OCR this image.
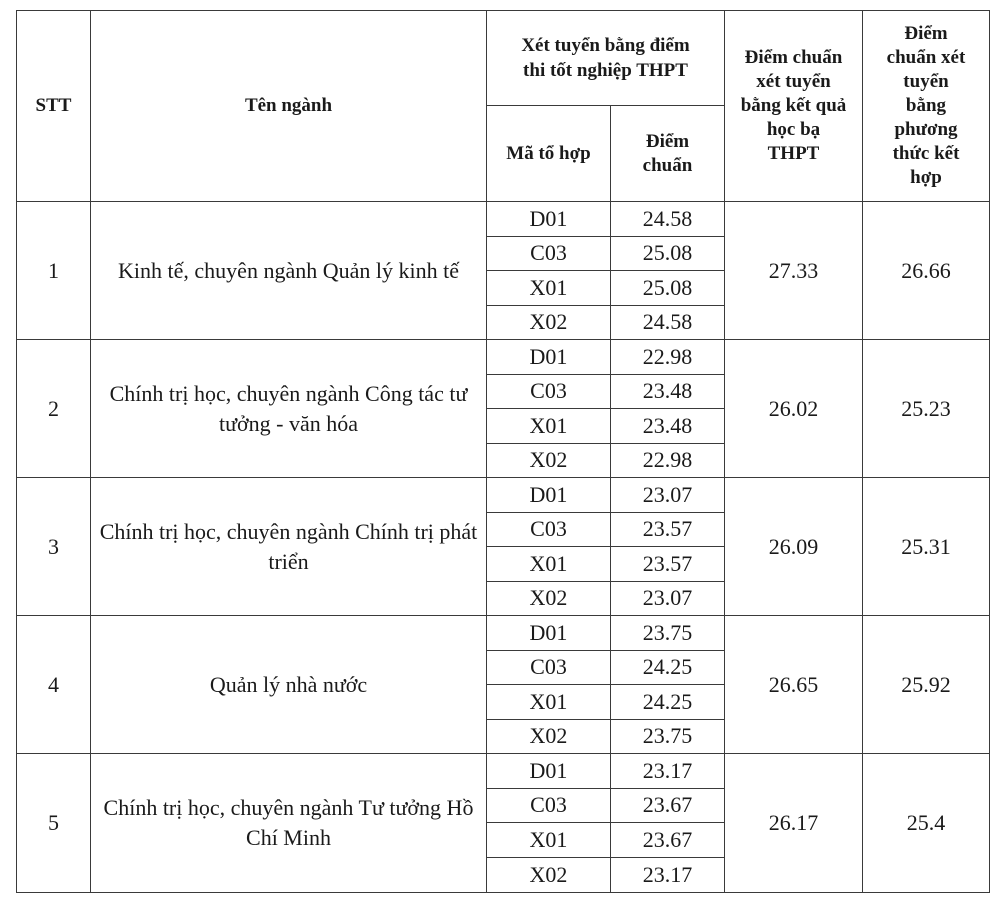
STT	Tên ngành	Xét tuyển bằng điểm thi tốt nghiệp THPT		Điểm chuẩn xét tuyển bằng kết quả học bạ THPT	Điểm chuẩn xét tuyển bằng phương thức kết hợp
		Mã tổ hợp	Điểm chuẩn		
1	Kinh tế, chuyên ngành Quản lý kinh tế	D01	24.58	27.33	26.66
		C03	25.08		
		X01	25.08		
		X02	24.58		
2	Chính trị học, chuyên ngành Công tác tư tưởng - văn hóa	D01	22.98	26.02	25.23
		C03	23.48		
		X01	23.48		
		X02	22.98		
3	Chính trị học, chuyên ngành Chính trị phát triển	D01	23.07	26.09	25.31
		C03	23.57		
		X01	23.57		
		X02	23.07		
4	Quản lý nhà nước	D01	23.75	26.65	25.92
		C03	24.25		
		X01	24.25		
		X02	23.75		
5	Chính trị học, chuyên ngành Tư tưởng Hồ Chí Minh	D01	23.17	26.17	25.4
		C03	23.67		
		X01	23.67		
		X02	23.17		
